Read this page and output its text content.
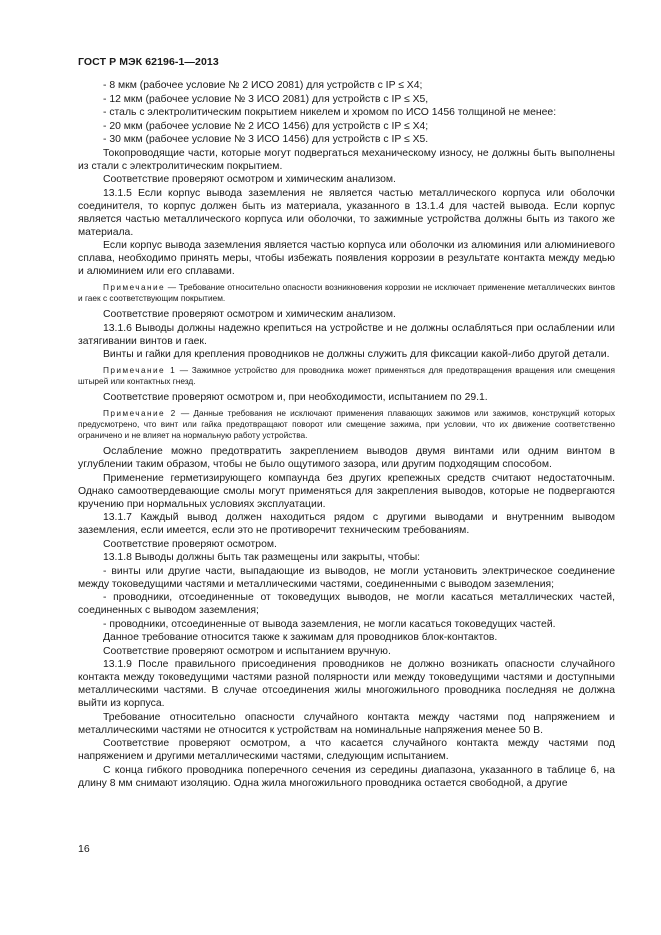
ГОСТ Р МЭК 62196-1—2013

- 8 мкм (рабочее условие № 2 ИСО 2081) для устройств с IP ≤ X4;

- 12 мкм (рабочее условие № 3 ИСО 2081) для устройств с IP ≤ X5,

- сталь с электролитическим покрытием никелем и хромом по ИСО 1456 толщиной не менее:

- 20 мкм (рабочее условие № 2 ИСО 1456) для устройств с IP ≤ X4;

- 30 мкм (рабочее условие № 3 ИСО 1456) для устройств с IP ≤ X5.

Токопроводящие части, которые могут подвергаться механическому износу, не должны быть выполнены из стали с электролитическим покрытием.

Соответствие проверяют осмотром и химическим анализом.

13.1.5 Если корпус вывода заземления не является частью металлического корпуса или оболочки соединителя, то корпус должен быть из материала, указанного в 13.1.4 для частей вывода. Если корпус является частью металлического корпуса или оболочки, то зажимные устройства должны быть из такого же материала.

Если корпус вывода заземления является частью корпуса или оболочки из алюминия или алюминиевого сплава, необходимо принять меры, чтобы избежать появления коррозии в результате контакта между медью и алюминием или его сплавами.

Примечание — Требование относительно опасности возникновения коррозии не исключает применение металлических винтов и гаек с соответствующим покрытием.

Соответствие проверяют осмотром и химическим анализом.

13.1.6 Выводы должны надежно крепиться на устройстве и не должны ослабляться при ослаблении или затягивании винтов и гаек.

Винты и гайки для крепления проводников не должны служить для фиксации какой-либо другой детали.

Примечание 1 — Зажимное устройство для проводника может применяться для предотвращения вращения или смещения штырей или контактных гнезд.

Соответствие проверяют осмотром и, при необходимости, испытанием по 29.1.

Примечание 2 — Данные требования не исключают применения плавающих зажимов или зажимов, конструкций которых предусмотрено, что винт или гайка предотвращают поворот или смещение зажима, при условии, что их движение соответственно ограничено и не влияет на нормальную работу устройства.

Ослабление можно предотвратить закреплением выводов двумя винтами или одним винтом в углублении таким образом, чтобы не было ощутимого зазора, или другим подходящим способом.

Применение герметизирующего компаунда без других крепежных средств считают недостаточным. Однако самоотвердевающие смолы могут применяться для закрепления выводов, которые не подвергаются кручению при нормальных условиях эксплуатации.

13.1.7 Каждый вывод должен находиться рядом с другими выводами и внутренним выводом заземления, если имеется, если это не противоречит техническим требованиям.

Соответствие проверяют осмотром.

13.1.8 Выводы должны быть так размещены или закрыты, чтобы:

- винты или другие части, выпадающие из выводов, не могли установить электрическое соединение между токоведущими частями и металлическими частями, соединенными с выводом заземления;

- проводники, отсоединенные от токоведущих выводов, не могли касаться металлических частей, соединенных с выводом заземления;

- проводники, отсоединенные от вывода заземления, не могли касаться токоведущих частей.

Данное требование относится также к зажимам для проводников блок-контактов.

Соответствие проверяют осмотром и испытанием вручную.

13.1.9 После правильного присоединения проводников не должно возникать опасности случайного контакта между токоведущими частями разной полярности или между токоведущими частями и доступными металлическими частями. В случае отсоединения жилы многожильного проводника последняя не должна выйти из корпуса.

Требование относительно опасности случайного контакта между частями под напряжением и металлическими частями не относится к устройствам на номинальные напряжения менее 50 В.

Соответствие проверяют осмотром, а что касается случайного контакта между частями под напряжением и другими металлическими частями, следующим испытанием.

С конца гибкого проводника поперечного сечения из середины диапазона, указанного в таблице 6, на длину 8 мм снимают изоляцию. Одна жила многожильного проводника остается свободной, а другие

16
